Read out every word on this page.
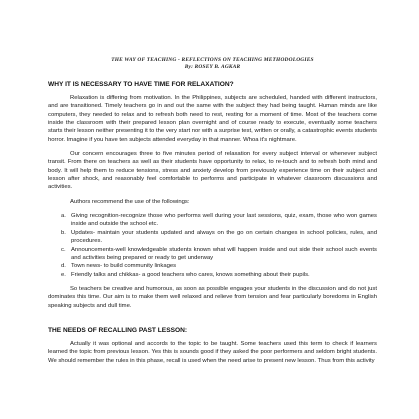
THE WAY OF TEACHING - REFLECTIONS ON TEACHING METHODOLOGIES
By: ROSEY B. AGKAR
WHY IT IS NECESSARY TO HAVE TIME FOR RELAXATION?

Relaxation is differing from motivation. In the Philippines, subjects are scheduled, handed with different instructors, and are transitioned. Timely teachers go in and out the same with the subject they had being taught. Human minds are like computers, they needed to relax and to refresh both need to rest, resting for a moment of time. Most of the teachers come inside the classroom with their prepared lesson plan overnight and of course ready to execute, eventually some teachers starts their lesson neither presenting it to the very start nor with a surprise test, written or orally, a catastrophic events students horror. Imagine if you have ten subjects attended everyday in that manner. Whoa it's nightmare.

Our concern encourages three to five minutes period of relaxation for every subject interval or whenever subject transit. From there on teachers as well as their students have opportunity to relax, to re-touch and to refresh both mind and body. It will help them to reduce tensions, stress and anxiety develop from previously experience time on their subject and lesson after shock, and reasonably feel comfortable to performs and participate in whatever classroom discussions and activities.

Authors recommend the use of the followings:

a. Giving recognition-recognize those who performs well during your last sessions, quiz, exam, those who won games inside and outside the school etc.
b. Updates- maintain your students updated and always on the go on certain changes in school policies, rules, and procedures.
c. Announcements-well knowledgeable students known what will happen inside and out side their school such events and activities being prepared or ready to get underway
d. Town news- to build community linkages
e. Friendly talks and chikkas- a good teachers who cares, knows something about their pupils.

So teachers be creative and humorous, as soon as possible engages your students in the discussion and do not just dominates this time. Our aim is to make them well relaxed and relieve from tension and fear particularly boredoms in English speaking subjects and dull time.

THE NEEDS OF RECALLING PAST LESSON:

Actually it was optional and accords to the topic to be taught. Some teachers used this term to check if learners learned the topic from previous lesson. Yes this is sounds good if they asked the poor performers and seldom bright students. We should remember the rules in this phase, recall is used when the need arise to present new lesson. Thus from this activity
